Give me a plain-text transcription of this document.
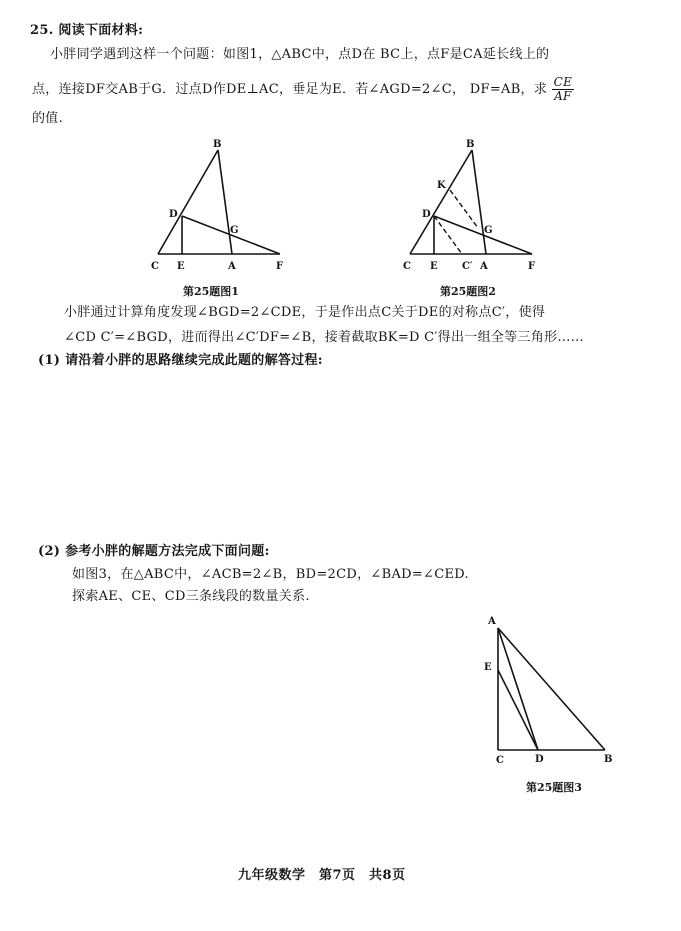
25. 阅读下面材料:
小胖同学遇到这样一个问题：如图1，△ABC中，点D在 BC上，点F是CA延长线上的
点，连接DF交AB于G．过点D作DE⊥AC，垂足为E．若∠AGD=2∠C， DF=AB，求 $\frac{CE}{AF}$
的值.
B
D
G
C E	A	F
第25题图1
B
K
D
G
C E C′ A	F
第25题图2
小胖通过计算角度发现∠BGD=2∠CDE，于是作出点C关于DE的对称点C′，使得
∠CD C′=∠BGD，进而得出∠C′DF=∠B，接着截取BK=D C′得出一组全等三角形……
(1) 请沿着小胖的思路继续完成此题的解答过程:
(2) 参考小胖的解题方法完成下面问题:
如图3，在△ABC中，∠ACB=2∠B，BD=2CD，∠BAD=∠CED.
探索AE、CE、CD三条线段的数量关系.
A
E
C	D	B
第25题图3
九年级数学　第7页　共8页
